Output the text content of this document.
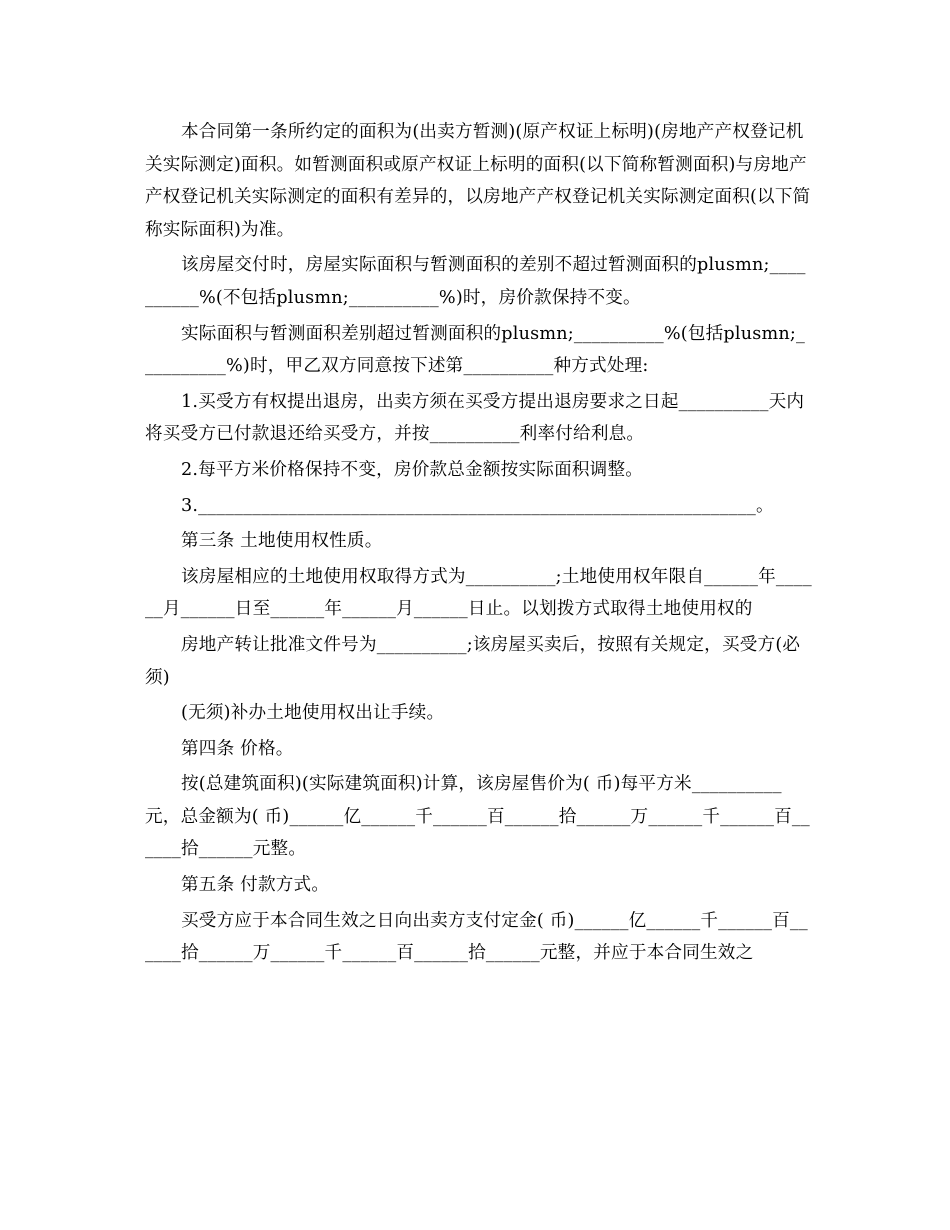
本合同第一条所约定的面积为(出卖方暂测)(原产权证上标明)(房地产产权登记机关实际测定)面积。如暂测面积或原产权证上标明的面积(以下简称暂测面积)与房地产产权登记机关实际测定的面积有差异的，以房地产产权登记机关实际测定面积(以下简称实际面积)为准。

该房屋交付时，房屋实际面积与暂测面积的差别不超过暂测面积的plusmn;__________%(不包括plusmn;__________%)时，房价款保持不变。

实际面积与暂测面积差别超过暂测面积的plusmn;__________%(包括plusmn;__________%)时，甲乙双方同意按下述第__________种方式处理:

1.买受方有权提出退房，出卖方须在买受方提出退房要求之日起__________天内将买受方已付款退还给买受方，并按__________利率付给利息。

2.每平方米价格保持不变，房价款总金额按实际面积调整。

3.______________________________________________________________。

第三条 土地使用权性质。

该房屋相应的土地使用权取得方式为__________;土地使用权年限自______年______月______日至______年______月______日止。以划拨方式取得土地使用权的

房地产转让批准文件号为__________;该房屋买卖后，按照有关规定，买受方(必须)

(无须)补办土地使用权出让手续。

第四条 价格。

按(总建筑面积)(实际建筑面积)计算，该房屋售价为( 币)每平方米__________元，总金额为( 币)______亿______千______百______拾______万______千______百______拾______元整。

第五条 付款方式。

买受方应于本合同生效之日向出卖方支付定金( 币)______亿______千______百______拾______万______千______百______拾______元整，并应于本合同生效之
